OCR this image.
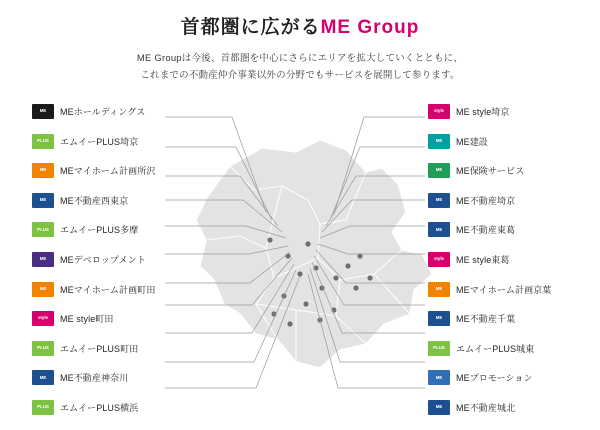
首都圏に広がるME Group
ME Groupは今後、首都圏を中心にさらにエリアを拡大していくとともに、
これまでの不動産仲介事業以外の分野でもサービスを展開して参ります。
ME	MEホールディングス
PLUS	エムイーPLUS埼京
ME	MEマイホーム計画所沢
ME	ME不動産西東京
PLUS	エムイーPLUS多摩
ME	MEデベロップメント
ME	MEマイホーム計画町田
style	ME style町田
PLUS	エムイーPLUS町田
ME	ME不動産神奈川
PLUS	エムイーPLUS横浜
style	ME style埼京
ME	ME建設
ME	ME保険サービス
ME	ME不動産埼京
ME	ME不動産東葛
style	ME style東葛
ME	MEマイホーム計画京葉
ME	ME不動産千葉
PLUS	エムイーPLUS城東
ME	MEプロモーション
ME	ME不動産城北
